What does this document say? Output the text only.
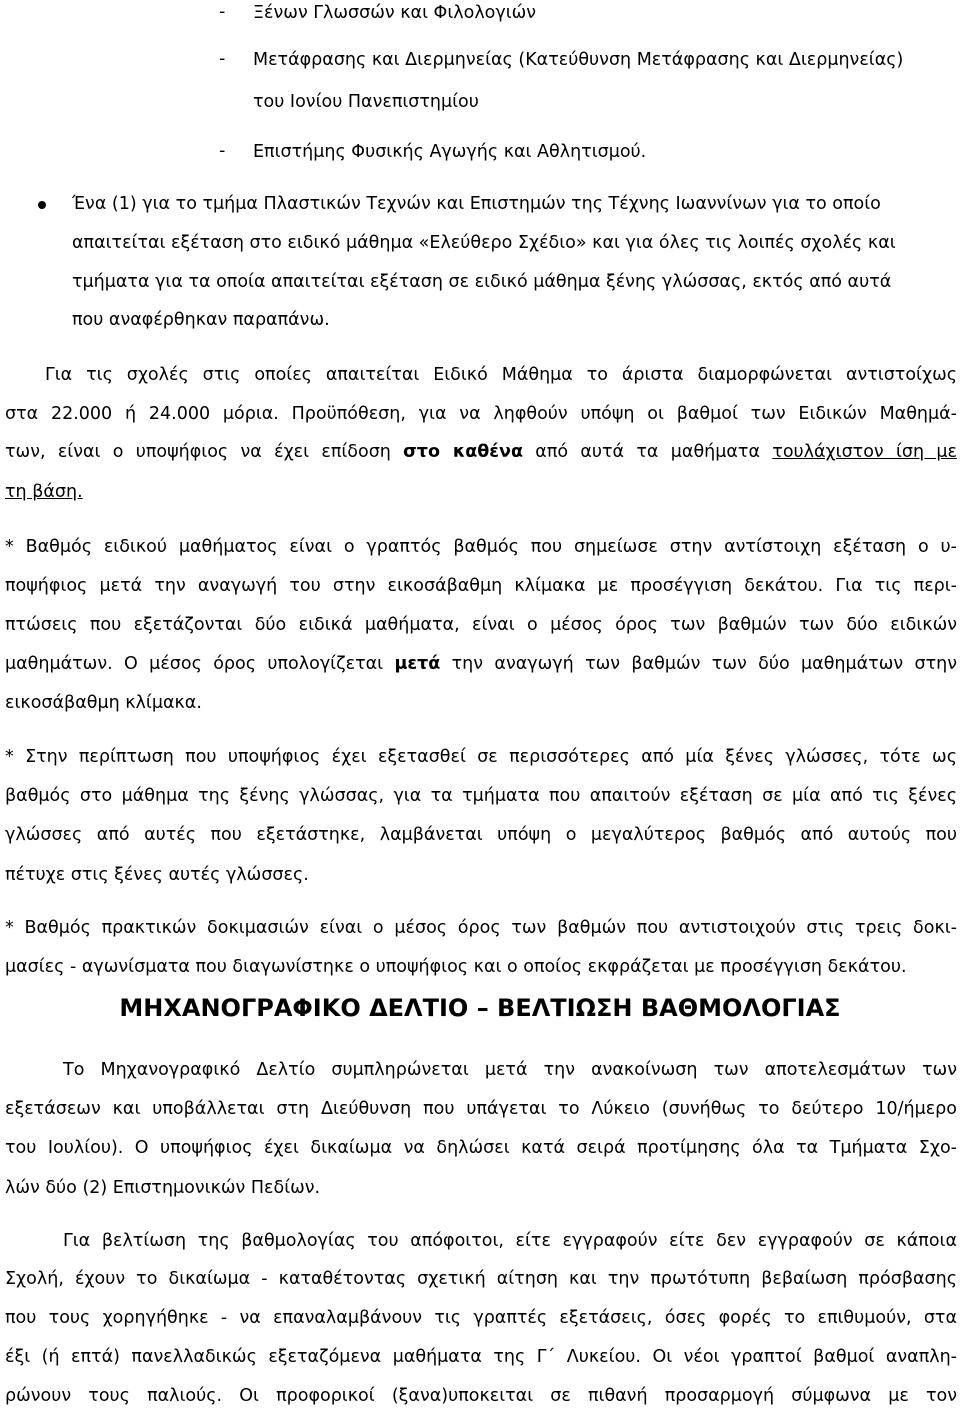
- Ξένων Γλωσσών και Φιλολογιών
- Μετάφρασης και Διερμηνείας (Κατεύθυνση Μετάφρασης και Διερμηνείας)
του Ιονίου Πανεπιστημίου
- Επιστήμης Φυσικής Αγωγής και Αθλητισμού.
Ένα (1) για το τμήμα Πλαστικών Τεχνών και Επιστημών της Τέχνης Ιωαννίνων για το οποίο
απαιτείται εξέταση στο ειδικό μάθημα «Ελεύθερο Σχέδιο» και για όλες τις λοιπές σχολές και
τμήματα για τα οποία απαιτείται εξέταση σε ειδικό μάθημα ξένης γλώσσας, εκτός από αυτά
που αναφέρθηκαν παραπάνω.
Για τις σχολές στις οποίες απαιτείται Ειδικό Μάθημα το άριστα διαμορφώνεται αντιστοίχως
στα 22.000 ή 24.000 μόρια. Προϋπόθεση, για να ληφθούν υπόψη οι βαθμοί των Ειδικών Μαθημά-
των, είναι ο υποψήφιος να έχει επίδοση στο καθένα από αυτά τα μαθήματα τουλάχιστον ίση με
τη βάση.
* Βαθμός ειδικού μαθήματος είναι ο γραπτός βαθμός που σημείωσε στην αντίστοιχη εξέταση ο υ-
ποψήφιος μετά την αναγωγή του στην εικοσάβαθμη κλίμακα με προσέγγιση δεκάτου. Για τις περι-
πτώσεις που εξετάζονται δύο ειδικά μαθήματα, είναι ο μέσος όρος των βαθμών των δύο ειδικών
μαθημάτων. Ο μέσος όρος υπολογίζεται μετά την αναγωγή των βαθμών των δύο μαθημάτων στην
εικοσάβαθμη κλίμακα.
* Στην περίπτωση που υποψήφιος έχει εξετασθεί σε περισσότερες από μία ξένες γλώσσες, τότε ως
βαθμός στο μάθημα της ξένης γλώσσας, για τα τμήματα που απαιτούν εξέταση σε μία από τις ξένες
γλώσσες από αυτές που εξετάστηκε, λαμβάνεται υπόψη ο μεγαλύτερος βαθμός από αυτούς που
πέτυχε στις ξένες αυτές γλώσσες.
* Βαθμός πρακτικών δοκιμασιών είναι ο μέσος όρος των βαθμών που αντιστοιχούν στις τρεις δοκι-
μασίες - αγωνίσματα που διαγωνίστηκε ο υποψήφιος και ο οποίος εκφράζεται με προσέγγιση δεκάτου.
ΜΗΧΑΝΟΓΡΑΦΙΚΟ ΔΕΛΤΙΟ – ΒΕΛΤΙΩΣΗ ΒΑΘΜΟΛΟΓΙΑΣ
Το Μηχανογραφικό Δελτίο συμπληρώνεται μετά την ανακοίνωση των αποτελεσμάτων των
εξετάσεων και υποβάλλεται στη Διεύθυνση που υπάγεται το Λύκειο (συνήθως το δεύτερο 10/ήμερο
του Ιουλίου). Ο υποψήφιος έχει δικαίωμα να δηλώσει κατά σειρά προτίμησης όλα τα Τμήματα Σχο-
λών δύο (2) Επιστημονικών Πεδίων.
Για βελτίωση της βαθμολογίας του απόφοιτοι, είτε εγγραφούν είτε δεν εγγραφούν σε κάποια
Σχολή, έχουν το δικαίωμα - καταθέτοντας σχετική αίτηση και την πρωτότυπη βεβαίωση πρόσβασης
που τους χορηγήθηκε - να επαναλαμβάνουν τις γραπτές εξετάσεις, όσες φορές το επιθυμούν, στα
έξι (ή επτά) πανελλαδικώς εξεταζόμενα μαθήματα της Γ΄ Λυκείου. Οι νέοι γραπτοί βαθμοί αναπλη-
ρώνουν τους παλιούς. Οι προφορικοί (ξανα)υποκειται σε πιθανή προσαρμογή σύμφωνα με τον
